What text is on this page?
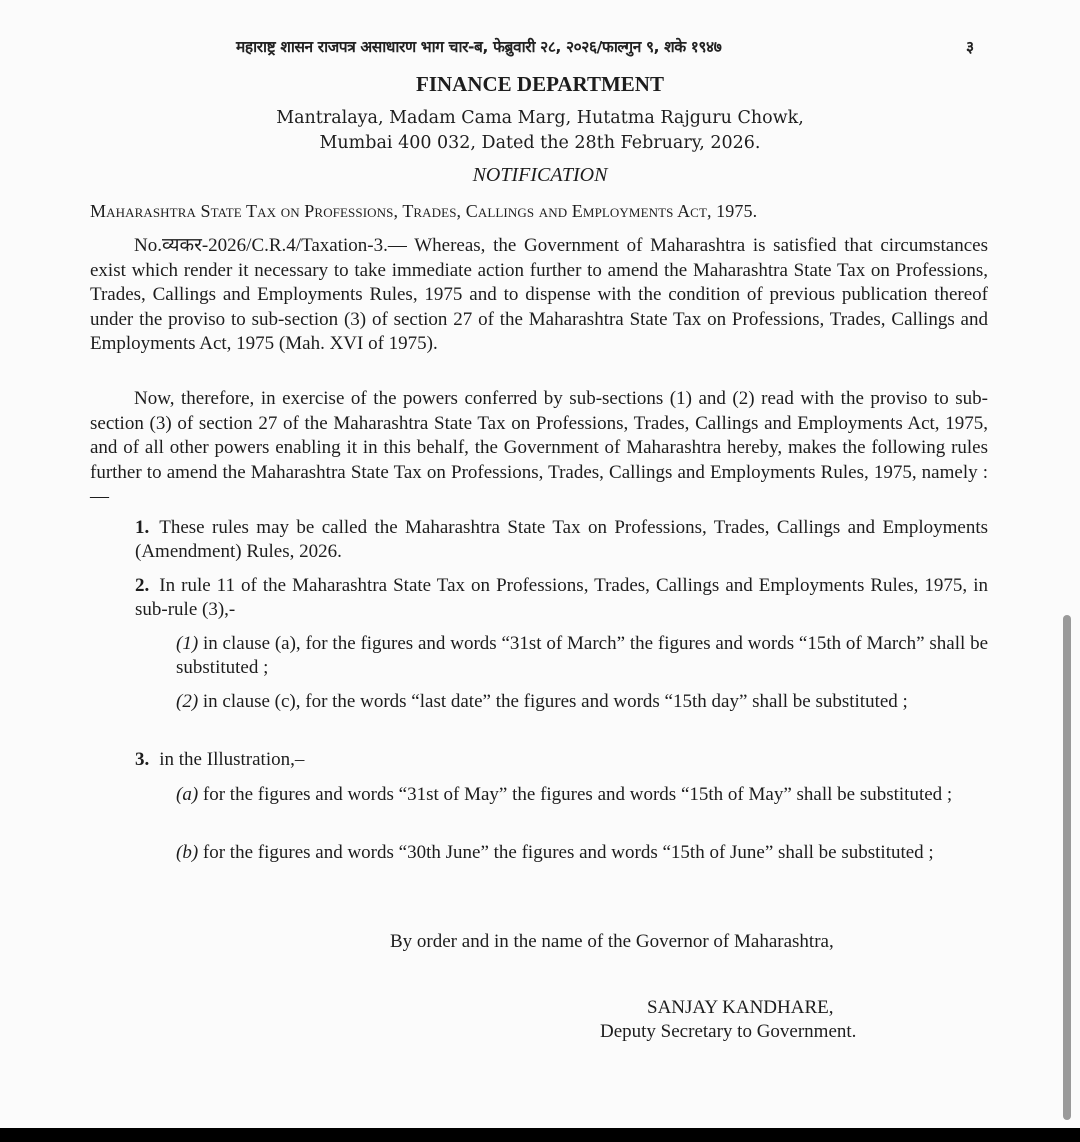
महाराष्ट्र शासन राजपत्र असाधारण भाग चार-ब, फेब्रुवारी २८, २०२६/फाल्गुन ९, शके १९४७	३
FINANCE DEPARTMENT
Mantralaya, Madam Cama Marg, Hutatma Rajguru Chowk,
Mumbai 400 032, Dated the 28th February, 2026.
NOTIFICATION
Maharashtra State Tax on Professions, Trades, Callings and Employments Act, 1975.
No.व्यकर-2026/C.R.4/Taxation-3.— Whereas, the Government of Maharashtra is satisfied that circumstances exist which render it necessary to take immediate action further to amend the Maharashtra State Tax on Professions, Trades, Callings and Employments Rules, 1975 and to dispense with the condition of previous publication thereof under the proviso to sub-section (3) of section 27 of the Maharashtra State Tax on Professions, Trades, Callings and Employments Act, 1975 (Mah. XVI of 1975).
Now, therefore, in exercise of the powers conferred by sub-sections (1) and (2) read with the proviso to sub-section (3) of section 27 of the Maharashtra State Tax on Professions, Trades, Callings and Employments Act, 1975, and of all other powers enabling it in this behalf, the Government of Maharashtra hereby, makes the following rules further to amend the Maharashtra State Tax on Professions, Trades, Callings and Employments Rules, 1975, namely :—
1. These rules may be called the Maharashtra State Tax on Professions, Trades, Callings and Employments (Amendment) Rules, 2026.
2. In rule 11 of the Maharashtra State Tax on Professions, Trades, Callings and Employments Rules, 1975, in sub-rule (3),-
(1) in clause (a), for the figures and words “31st of March” the figures and words “15th of March” shall be substituted ;
(2) in clause (c), for the words “last date” the figures and words “15th day” shall be substituted ;
3. in the Illustration,–
(a) for the figures and words “31st of May” the figures and words “15th of May” shall be substituted ;
(b) for the figures and words “30th June” the figures and words “15th of June” shall be substituted ;
By order and in the name of the Governor of Maharashtra,
SANJAY KANDHARE,
Deputy Secretary to Government.
